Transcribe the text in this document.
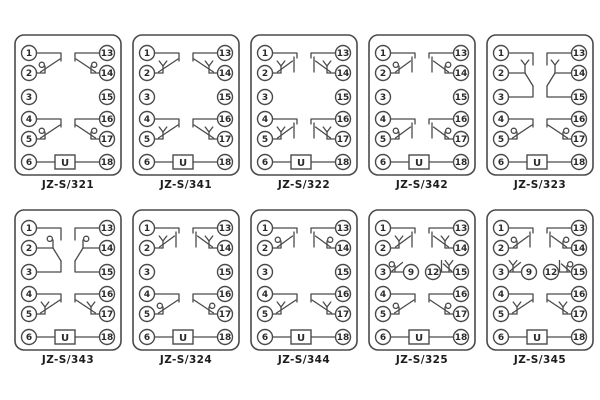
U
1
2
3
4
5
6
13
14
15
16
17
18
JZ-S/321
U
1
2
3
4
5
6
13
14
15
16
17
18
JZ-S/341
U
1
2
3
4
5
6
13
14
15
16
17
18
JZ-S/322
U
1
2
3
4
5
6
13
14
15
16
17
18
JZ-S/342
U
1
2
3
4
5
6
13
14
15
16
17
18
JZ-S/323
U
1
2
3
4
5
6
13
14
15
16
17
18
JZ-S/343
U
1
2
3
4
5
6
13
14
15
16
17
18
JZ-S/324
U
1
2
3
4
5
6
13
14
15
16
17
18
JZ-S/344
U
1
2
3
4
5
6
13
14
15
16
17
18
9 12
JZ-S/325
U
1
2
3
4
5
6
13
14
15
16
17
18
9 12
JZ-S/345
